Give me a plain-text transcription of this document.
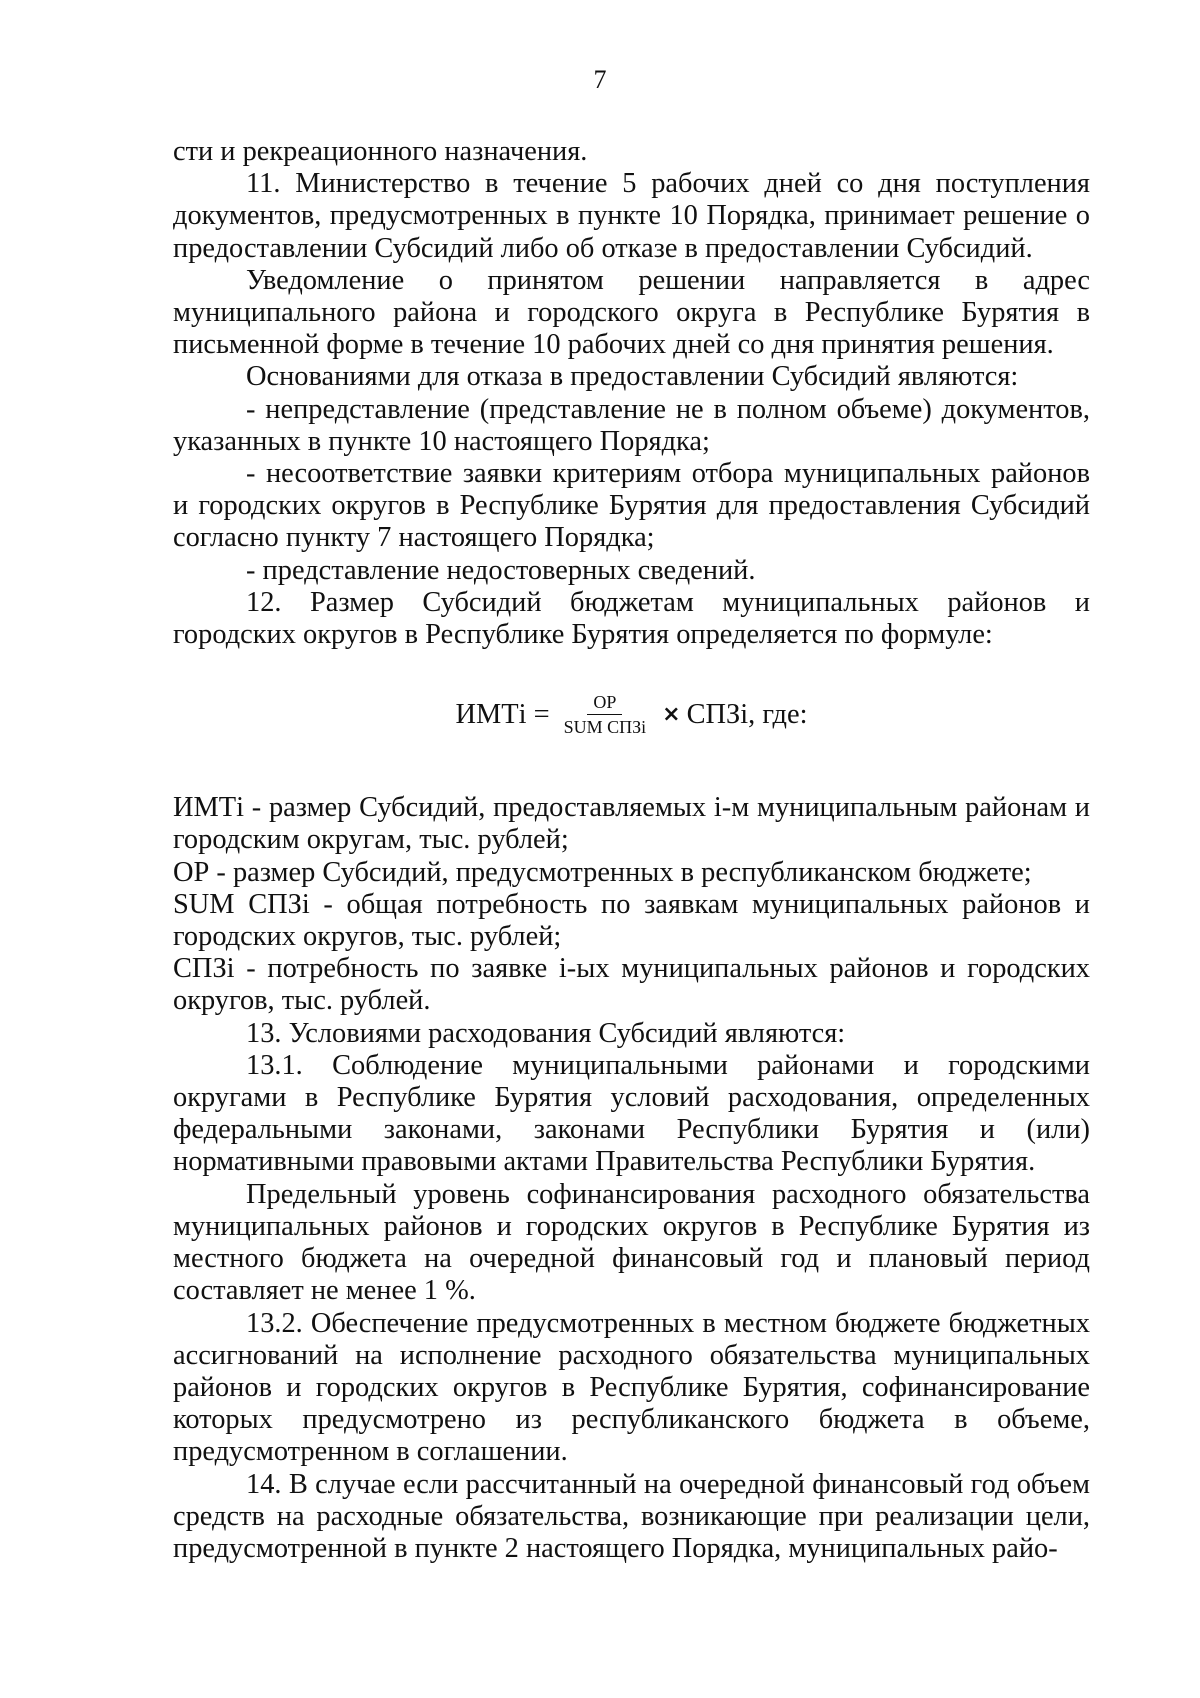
7

сти и рекреационного назначения.

11. Министерство в течение 5 рабочих дней со дня поступления документов, предусмотренных в пункте 10 Порядка, принимает решение о предоставлении Субсидий либо об отказе в предоставлении Субсидий.

Уведомление о принятом решении направляется в адрес муниципального района и городского округа в Республике Бурятия в письменной форме в течение 10 рабочих дней со дня принятия решения.

Основаниями для отказа в предоставлении Субсидий являются:

- непредставление (представление не в полном объеме) документов, указанных в пункте 10 настоящего Порядка;

- несоответствие заявки критериям отбора муниципальных районов и городских округов в Республике Бурятия для предоставления Субсидий согласно пункту 7 настоящего Порядка;

- представление недостоверных сведений.

12. Размер Субсидий бюджетам муниципальных районов и городских округов в Республике Бурятия определяется по формуле:

ИМТi = $\frac{ОР}{\text{SUM СПЗi}}$ × СПЗi, где:

ИМТi - размер Субсидий, предоставляемых i-м муниципальным районам и городским округам, тыс. рублей;

ОР - размер Субсидий, предусмотренных в республиканском бюджете;

SUM СПЗi - общая потребность по заявкам муниципальных районов и городских округов, тыс. рублей;

СПЗi - потребность по заявке i-ых муниципальных районов и городских округов, тыс. рублей.

13. Условиями расходования Субсидий являются:

13.1. Соблюдение муниципальными районами и городскими округами в Республике Бурятия условий расходования, определенных федеральными законами, законами Республики Бурятия и (или) нормативными правовыми актами Правительства Республики Бурятия.

Предельный уровень софинансирования расходного обязательства муниципальных районов и городских округов в Республике Бурятия из местного бюджета на очередной финансовый год и плановый период составляет не менее 1 %.

13.2. Обеспечение предусмотренных в местном бюджете бюджетных ассигнований на исполнение расходного обязательства муниципальных районов и городских округов в Республике Бурятия, софинансирование которых предусмотрено из республиканского бюджета в объеме, предусмотренном в соглашении.

14. В случае если рассчитанный на очередной финансовый год объем средств на расходные обязательства, возникающие при реализации цели, предусмотренной в пункте 2 настоящего Порядка, муниципальных райо-
